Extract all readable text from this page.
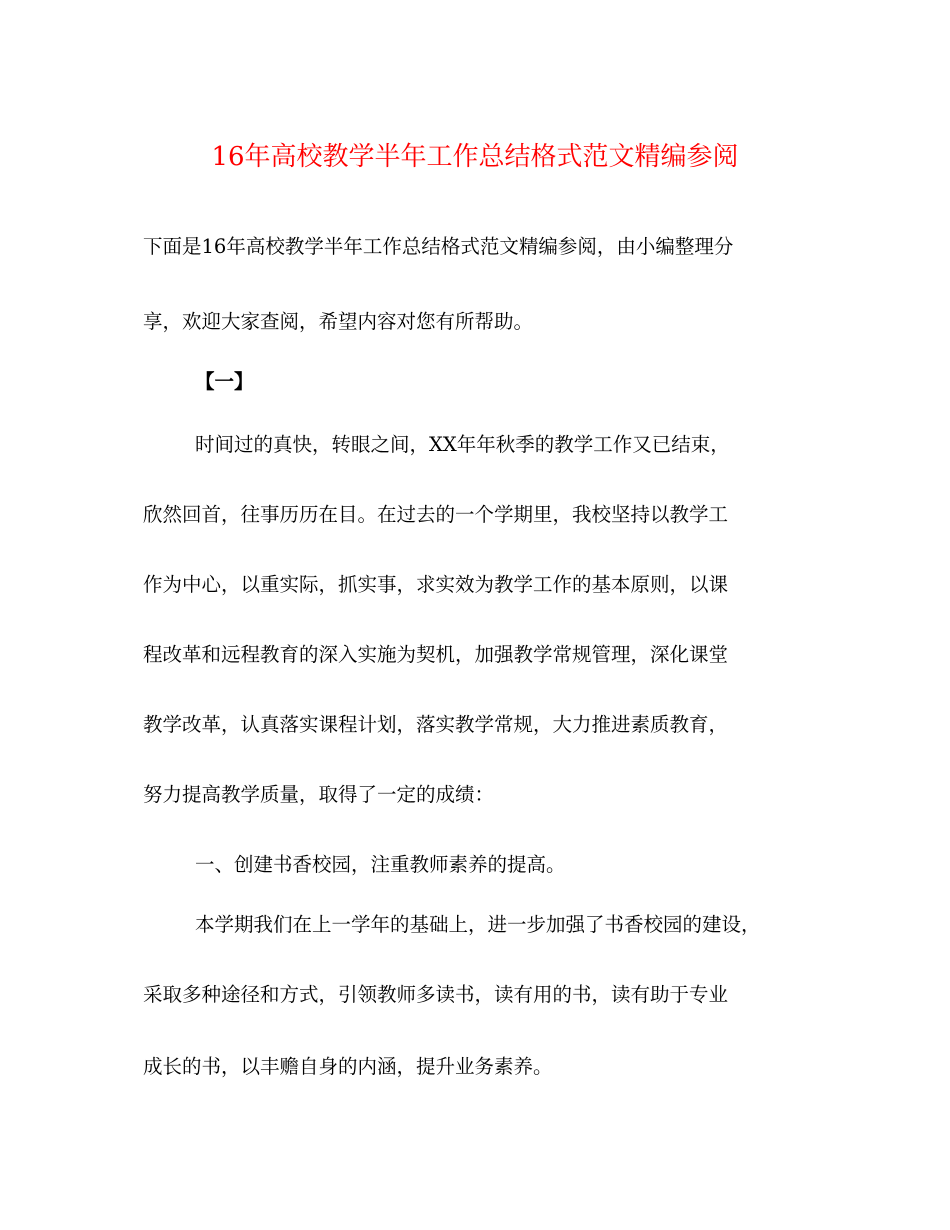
16年高校教学半年工作总结格式范文精编参阅
下面是16年高校教学半年工作总结格式范文精编参阅，由小编整理分
享，欢迎大家查阅，希望内容对您有所帮助。
【一】
时间过的真快，转眼之间，XX年年秋季的教学工作又已结束，
欣然回首，往事历历在目。在过去的一个学期里，我校坚持以教学工
作为中心，以重实际，抓实事，求实效为教学工作的基本原则，以课
程改革和远程教育的深入实施为契机，加强教学常规管理，深化课堂
教学改革，认真落实课程计划，落实教学常规，大力推进素质教育，
努力提高教学质量，取得了一定的成绩：
一、创建书香校园，注重教师素养的提高。
本学期我们在上一学年的基础上，进一步加强了书香校园的建设，
采取多种途径和方式，引领教师多读书，读有用的书，读有助于专业
成长的书，以丰赡自身的内涵，提升业务素养。
